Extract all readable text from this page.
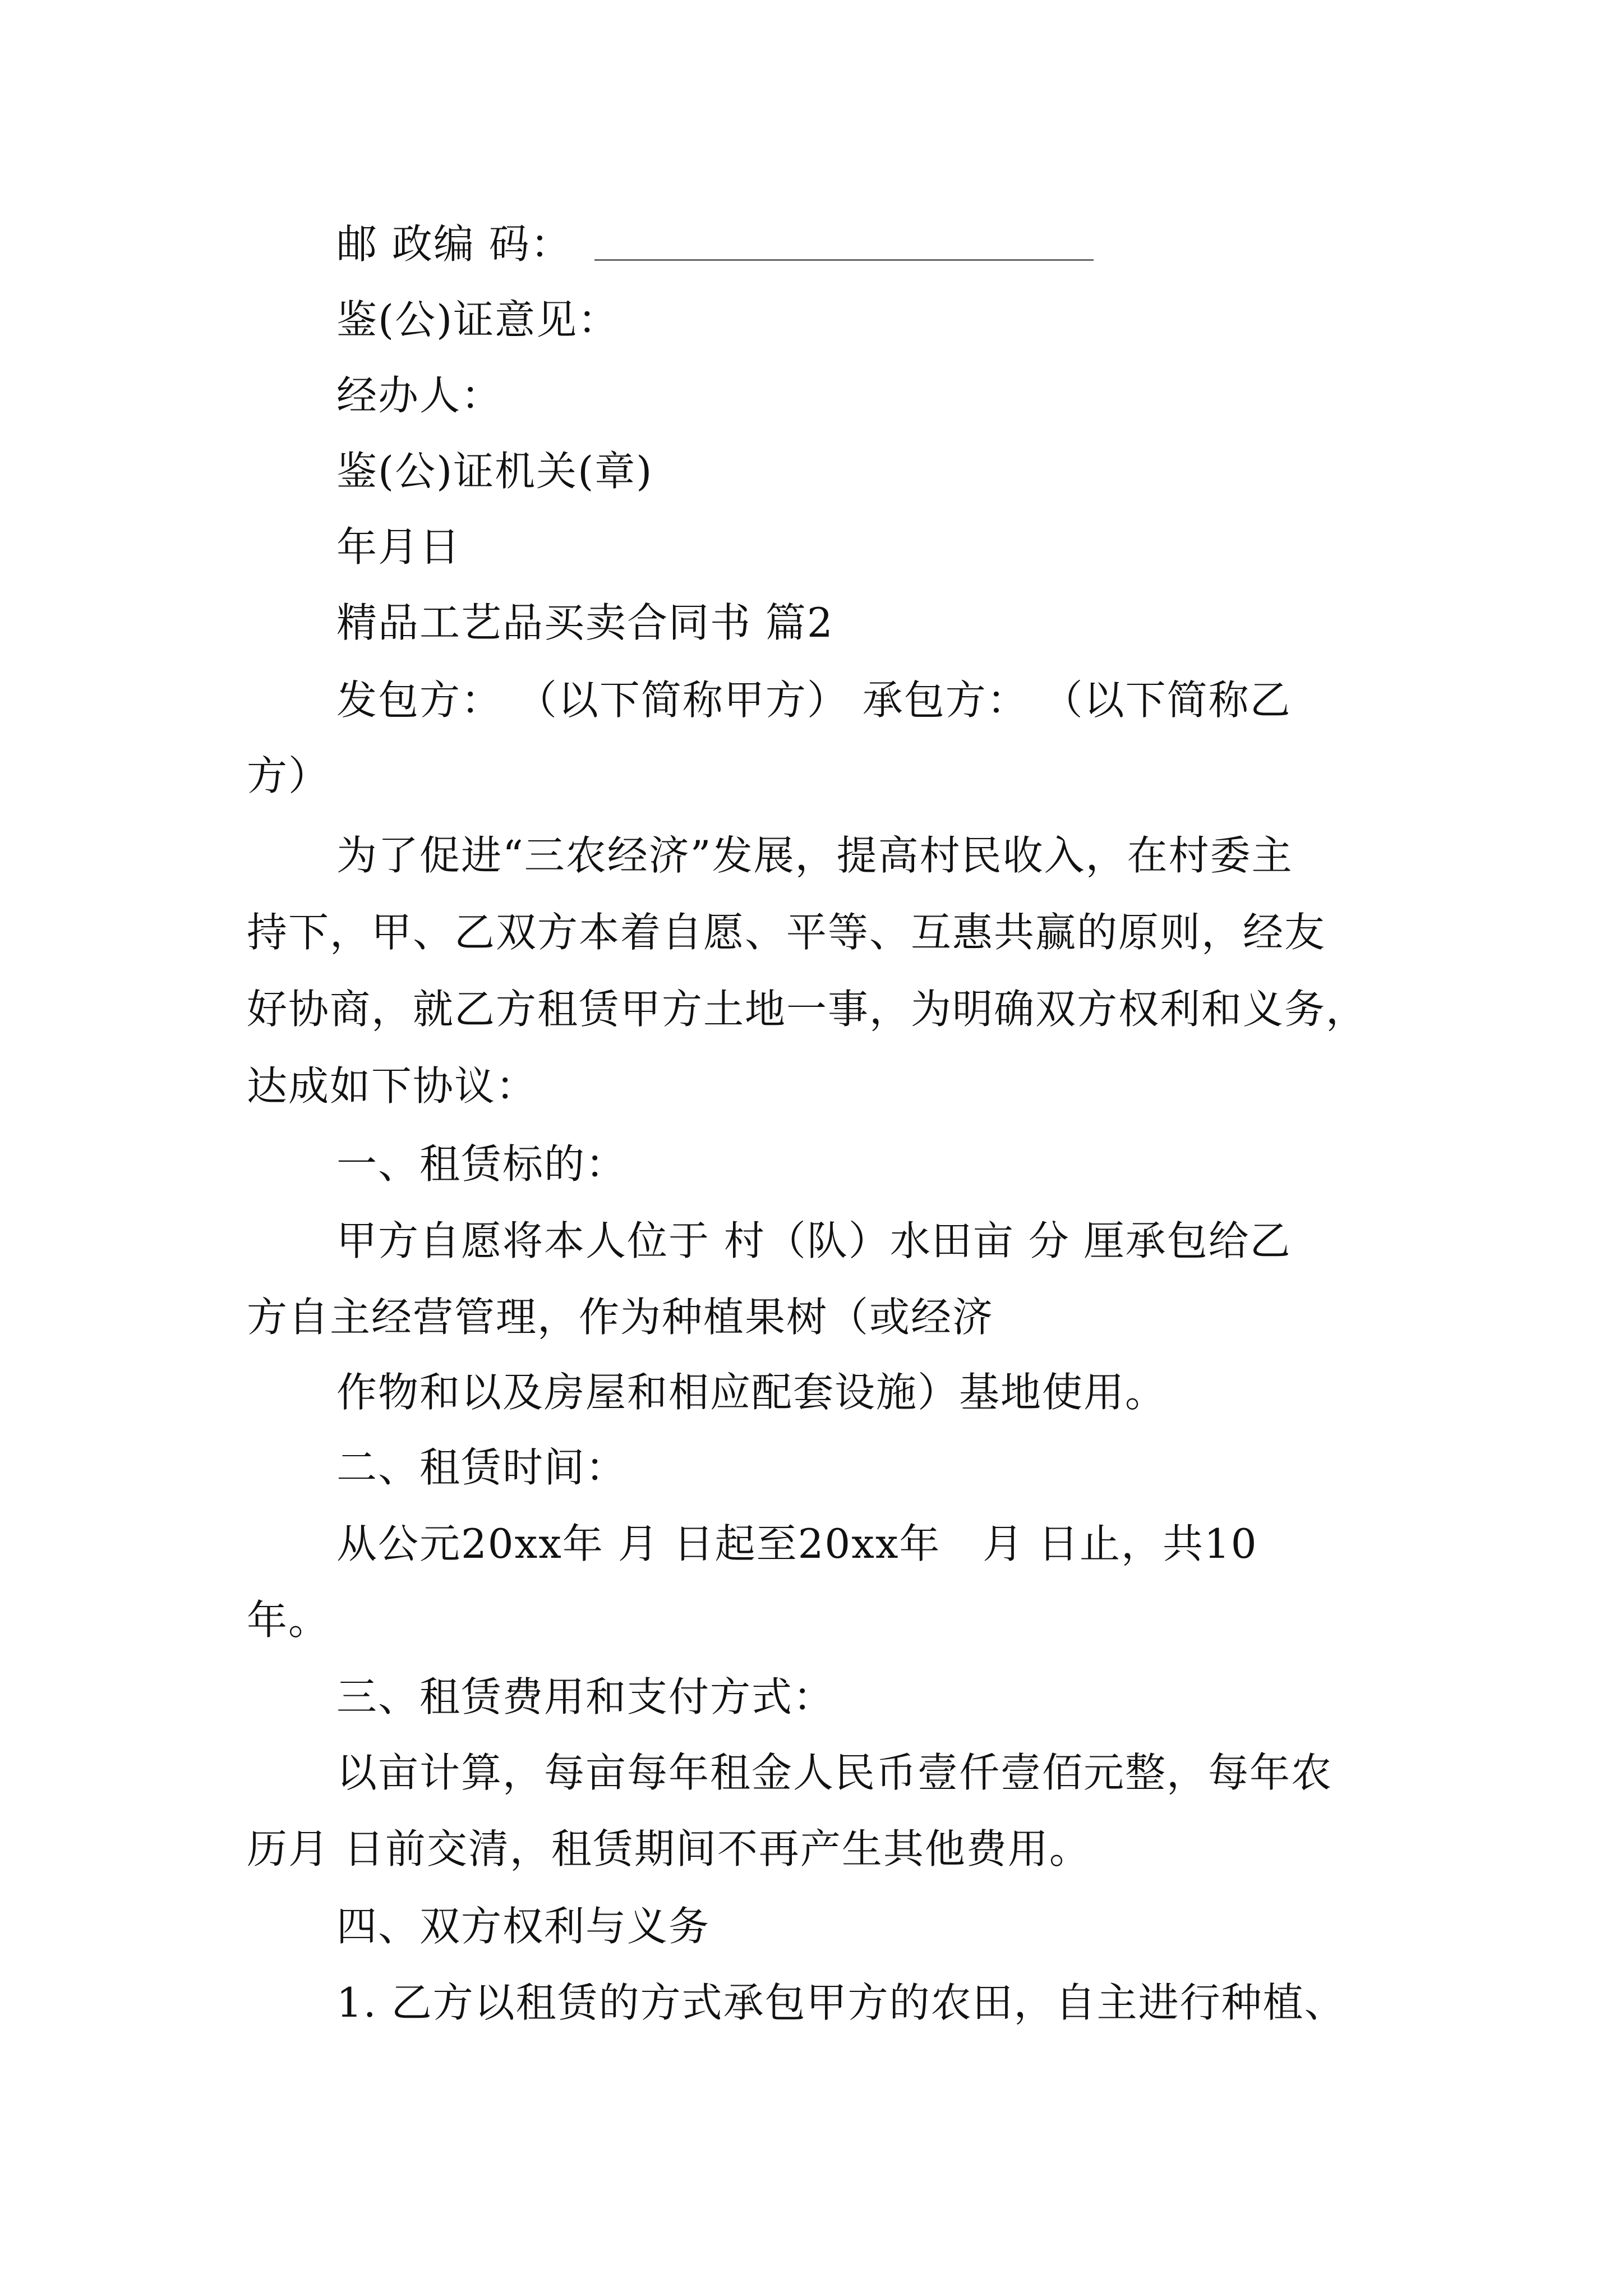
邮 政编 码：
鉴(公)证意见：
经办人：
鉴(公)证机关(章)
年月日
精品工艺品买卖合同书 篇2
发包方： （以下简称甲方） 承包方： （以下简称乙
方）
为了促进“三农经济”发展，提高村民收入，在村委主
持下，甲、乙双方本着自愿、平等、互惠共赢的原则，经友
好协商，就乙方租赁甲方土地一事，为明确双方权利和义务，
达成如下协议：
一、租赁标的：
甲方自愿将本人位于 村（队）水田亩 分 厘承包给乙
方自主经营管理，作为种植果树（或经济
作物和以及房屋和相应配套设施）基地使用。
二、租赁时间：
从公元20xx年 月 日起至20xx年   月 日止，共10
年。
三、租赁费用和支付方式：
以亩计算，每亩每年租金人民币壹仟壹佰元整，每年农
历月 日前交清，租赁期间不再产生其他费用。
四、双方权利与义务
1. 乙方以租赁的方式承包甲方的农田，自主进行种植、
